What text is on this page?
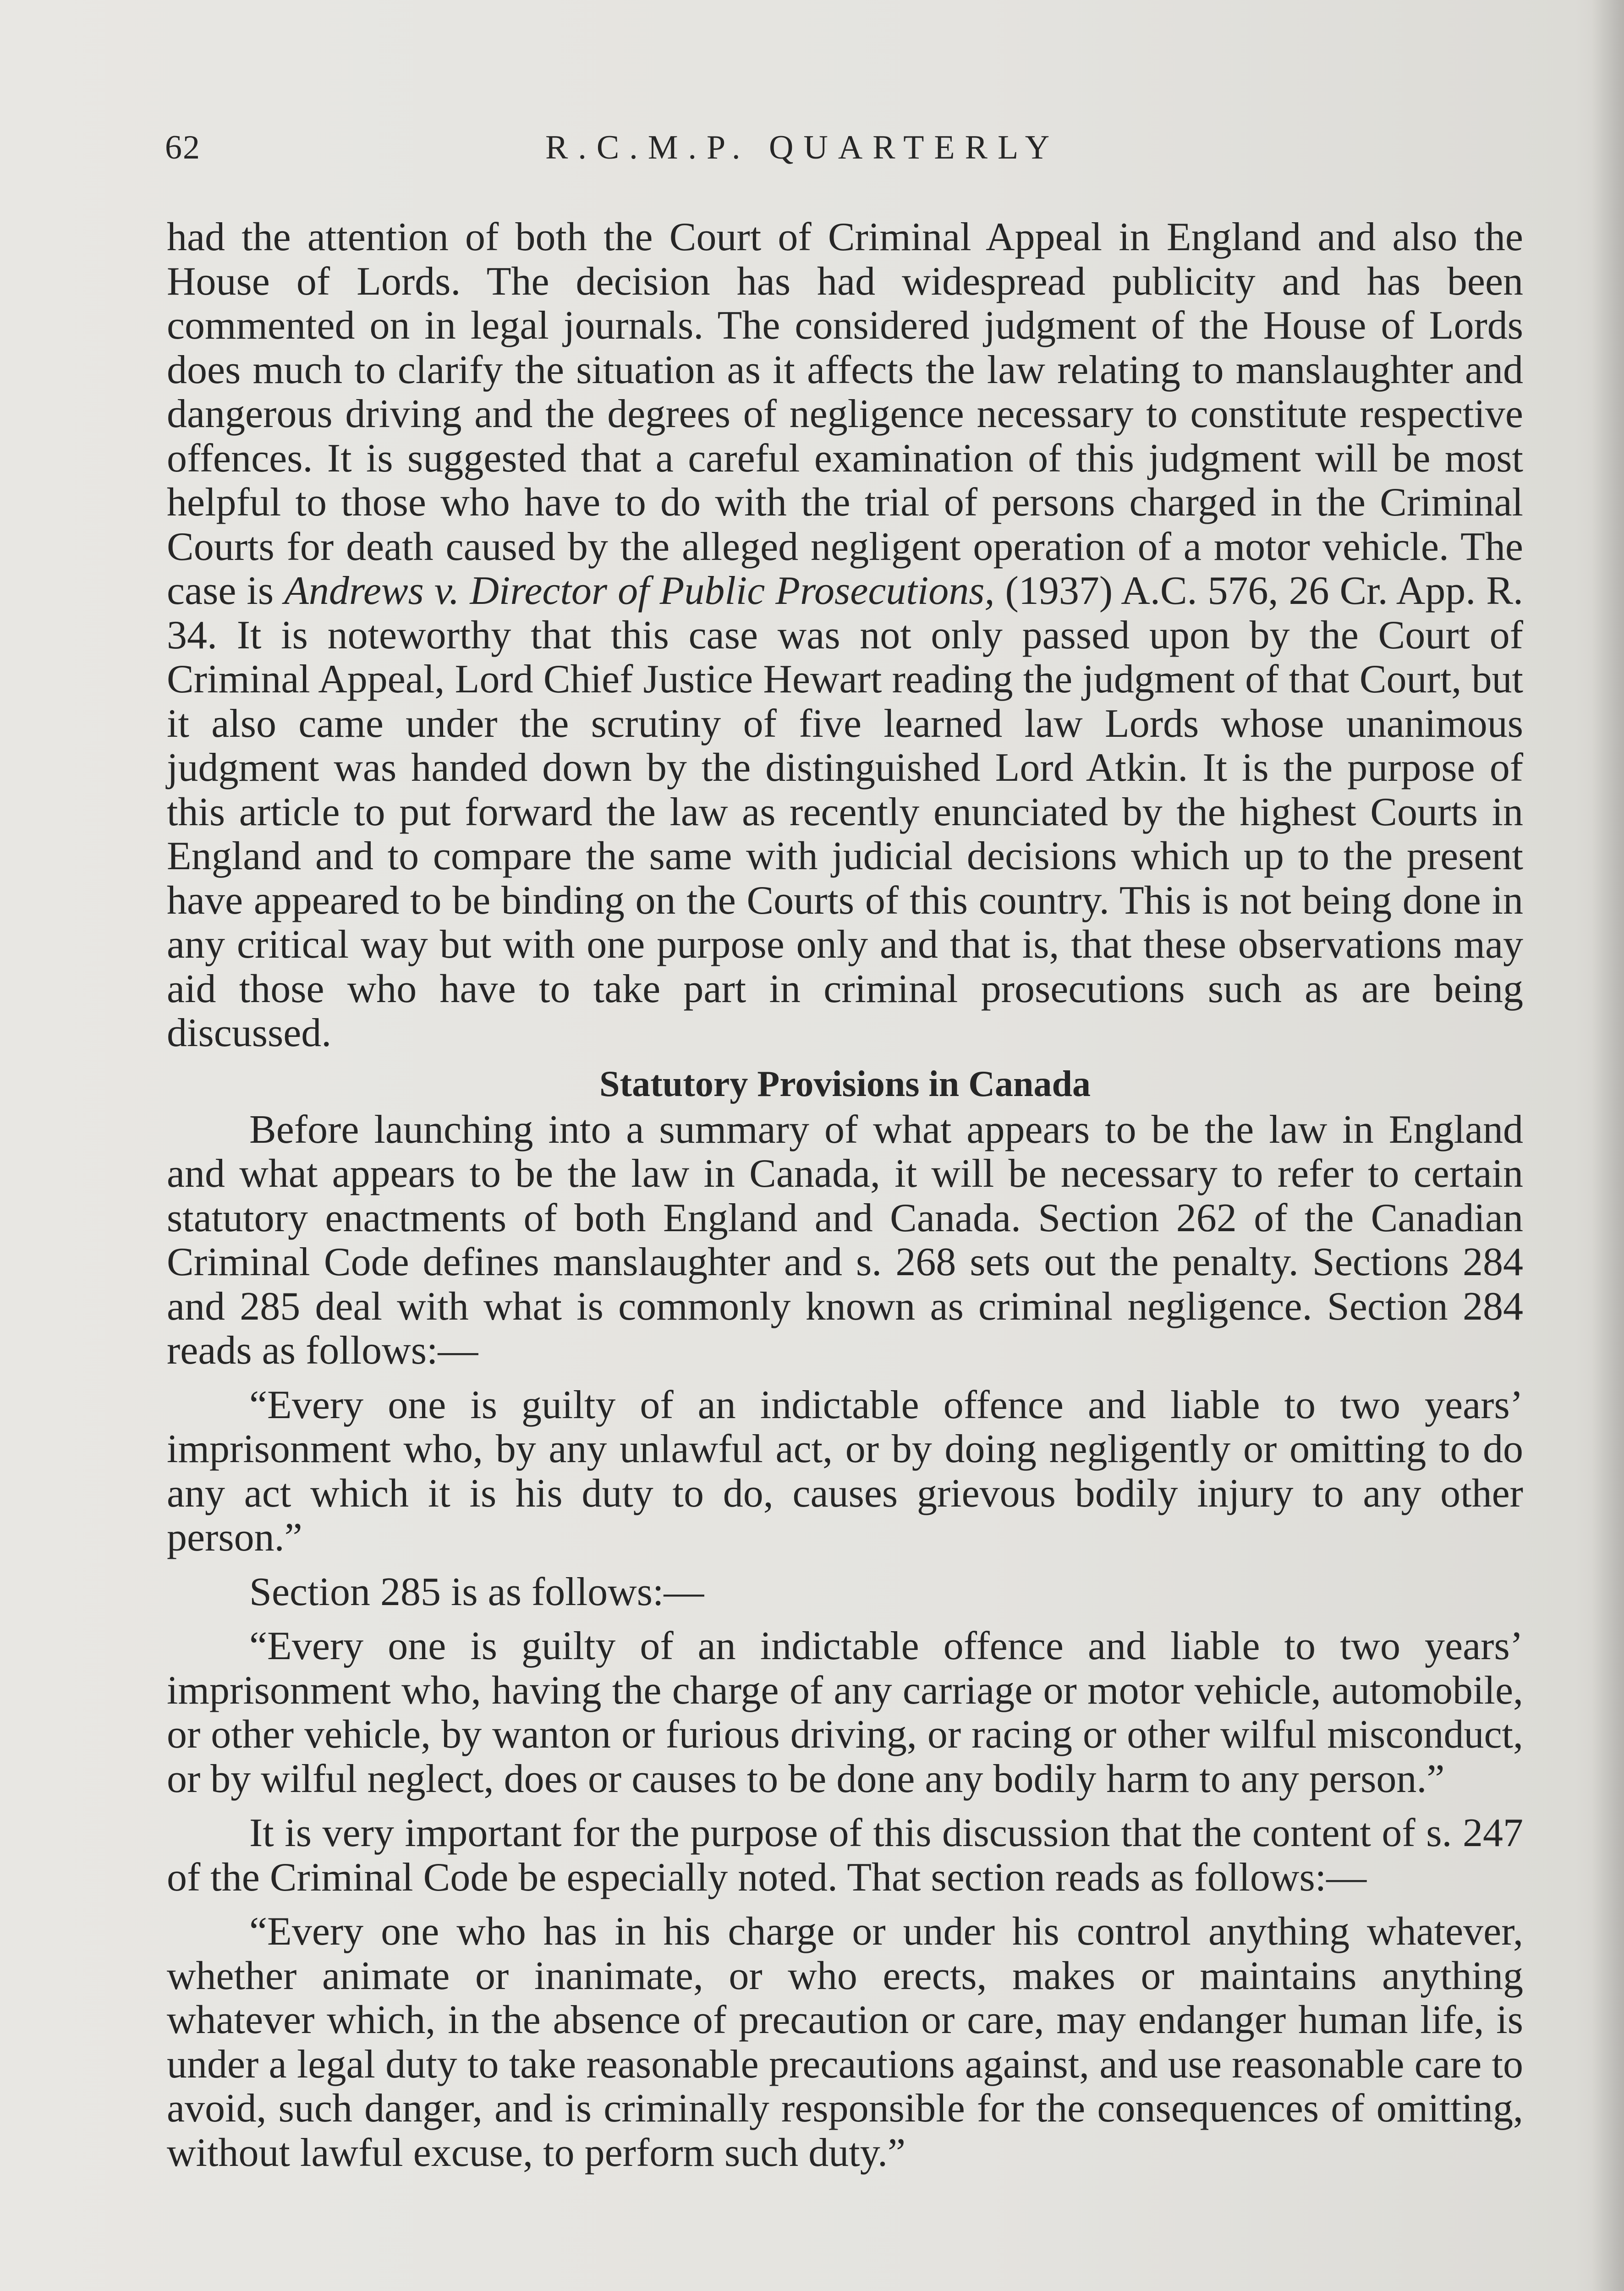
62	R.C.M.P. QUARTERLY

had the attention of both the Court of Criminal Appeal in England and also the House of Lords. The decision has had widespread publicity and has been commented on in legal journals. The considered judgment of the House of Lords does much to clarify the situation as it affects the law relating to manslaughter and dangerous driving and the degrees of negligence necessary to constitute respective offences. It is suggested that a careful examination of this judgment will be most helpful to those who have to do with the trial of persons charged in the Criminal Courts for death caused by the alleged negligent operation of a motor vehicle. The case is Andrews v. Director of Public Prosecutions, (1937) A.C. 576, 26 Cr. App. R. 34. It is noteworthy that this case was not only passed upon by the Court of Criminal Appeal, Lord Chief Justice Hewart reading the judgment of that Court, but it also came under the scrutiny of five learned law Lords whose unanimous judgment was handed down by the distinguished Lord Atkin. It is the purpose of this article to put forward the law as recently enunciated by the highest Courts in England and to compare the same with judicial decisions which up to the present have appeared to be binding on the Courts of this country. This is not being done in any critical way but with one purpose only and that is, that these observations may aid those who have to take part in criminal prosecutions such as are being discussed.

Statutory Provisions in Canada

Before launching into a summary of what appears to be the law in England and what appears to be the law in Canada, it will be necessary to refer to certain statutory enactments of both England and Canada. Section 262 of the Canadian Criminal Code defines manslaughter and s. 268 sets out the penalty. Sections 284 and 285 deal with what is commonly known as criminal negligence. Section 284 reads as follows:—

“Every one is guilty of an indictable offence and liable to two years’ imprisonment who, by any unlawful act, or by doing negligently or omitting to do any act which it is his duty to do, causes grievous bodily injury to any other person.”

Section 285 is as follows:—

“Every one is guilty of an indictable offence and liable to two years’ imprisonment who, having the charge of any carriage or motor vehicle, automobile, or other vehicle, by wanton or furious driving, or racing or other wilful misconduct, or by wilful neglect, does or causes to be done any bodily harm to any person.”

It is very important for the purpose of this discussion that the content of s. 247 of the Criminal Code be especially noted. That section reads as follows:—

“Every one who has in his charge or under his control anything whatever, whether animate or inanimate, or who erects, makes or maintains anything whatever which, in the absence of precaution or care, may endanger human life, is under a legal duty to take reasonable precautions against, and use reasonable care to avoid, such danger, and is criminally responsible for the consequences of omitting, without lawful excuse, to perform such duty.”
